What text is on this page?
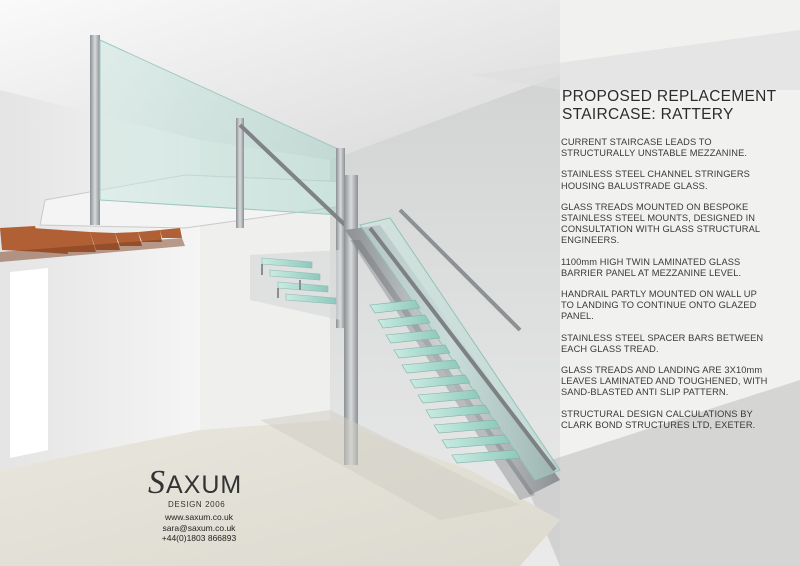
PROPOSED REPLACEMENT
STAIRCASE: RATTERY

CURRENT STAIRCASE LEADS TO
STRUCTURALLY UNSTABLE MEZZANINE.

STAINLESS STEEL CHANNEL STRINGERS
HOUSING BALUSTRADE GLASS.

GLASS TREADS MOUNTED ON BESPOKE
STAINLESS STEEL MOUNTS, DESIGNED IN
CONSULTATION WITH GLASS STRUCTURAL
ENGINEERS.

1100mm HIGH TWIN LAMINATED GLASS
BARRIER PANEL AT MEZZANINE LEVEL.

HANDRAIL PARTLY MOUNTED ON WALL UP
TO LANDING TO CONTINUE ONTO GLAZED
PANEL.

STAINLESS STEEL SPACER BARS BETWEEN
EACH GLASS TREAD.

GLASS TREADS AND LANDING ARE 3X10mm
LEAVES LAMINATED AND TOUGHENED, WITH
SAND-BLASTED ANTI SLIP PATTERN.

STRUCTURAL DESIGN CALCULATIONS BY
CLARK BOND STRUCTURES LTD, EXETER.

SAXUM
DESIGN 2006
www.saxum.co.uk
sara@saxum.co.uk
+44(0)1803 866893
